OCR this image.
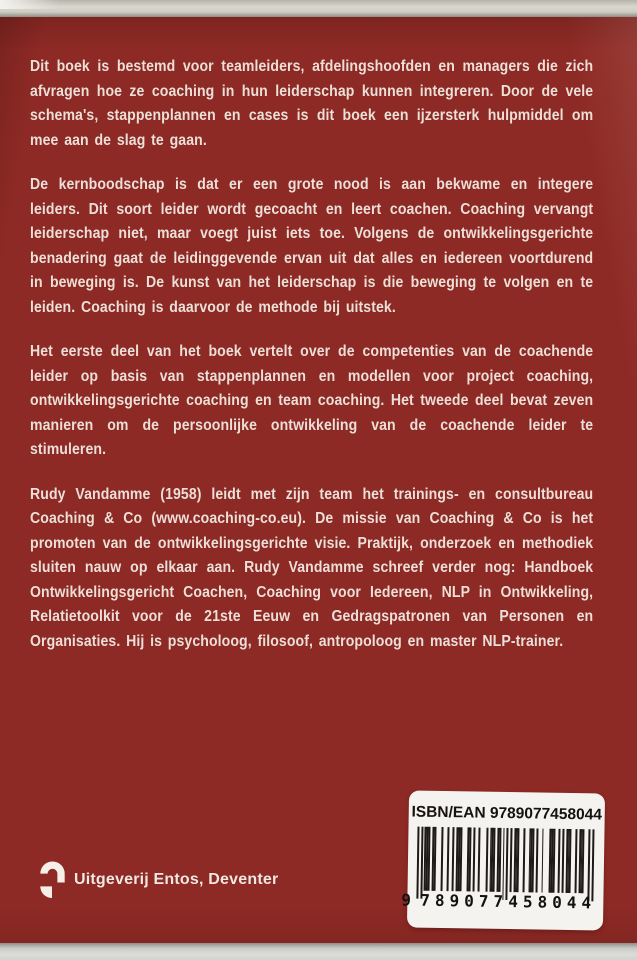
Dit boek is bestemd voor teamleiders, afdelingshoofden en managers die zich afvragen hoe ze coaching in hun leiderschap kunnen integreren. Door de vele schema's, stappenplannen en cases is dit boek een ijzersterk hulpmiddel om mee aan de slag te gaan.

De kernboodschap is dat er een grote nood is aan bekwame en integere leiders. Dit soort leider wordt gecoacht en leert coachen. Coaching vervangt leiderschap niet, maar voegt juist iets toe. Volgens de ontwikkelingsgerichte benadering gaat de leidinggevende ervan uit dat alles en iedereen voortdurend in beweging is. De kunst van het leiderschap is die beweging te volgen en te leiden. Coaching is daarvoor de methode bij uitstek.

Het eerste deel van het boek vertelt over de competenties van de coachende leider op basis van stappenplannen en modellen voor project coaching, ontwikkelingsgerichte coaching en team coaching. Het tweede deel bevat zeven manieren om de persoonlijke ontwikkeling van de coachende leider te stimuleren.

Rudy Vandamme (1958) leidt met zijn team het trainings- en consultbureau Coaching & Co (www.coaching-co.eu). De missie van Coaching & Co is het promoten van de ontwikkelingsgerichte visie. Praktijk, onderzoek en methodiek sluiten nauw op elkaar aan. Rudy Vandamme schreef verder nog: Handboek Ontwikkelingsgericht Coachen, Coaching voor Iedereen, NLP in Ontwikkeling, Relatietoolkit voor de 21ste Eeuw en Gedragspatronen van Personen en Organisaties. Hij is psycholoog, filosoof, antropoloog en master NLP-trainer.

Uitgeverij Entos, Deventer
ISBN/EAN 9789077458044
9 789077 458044
